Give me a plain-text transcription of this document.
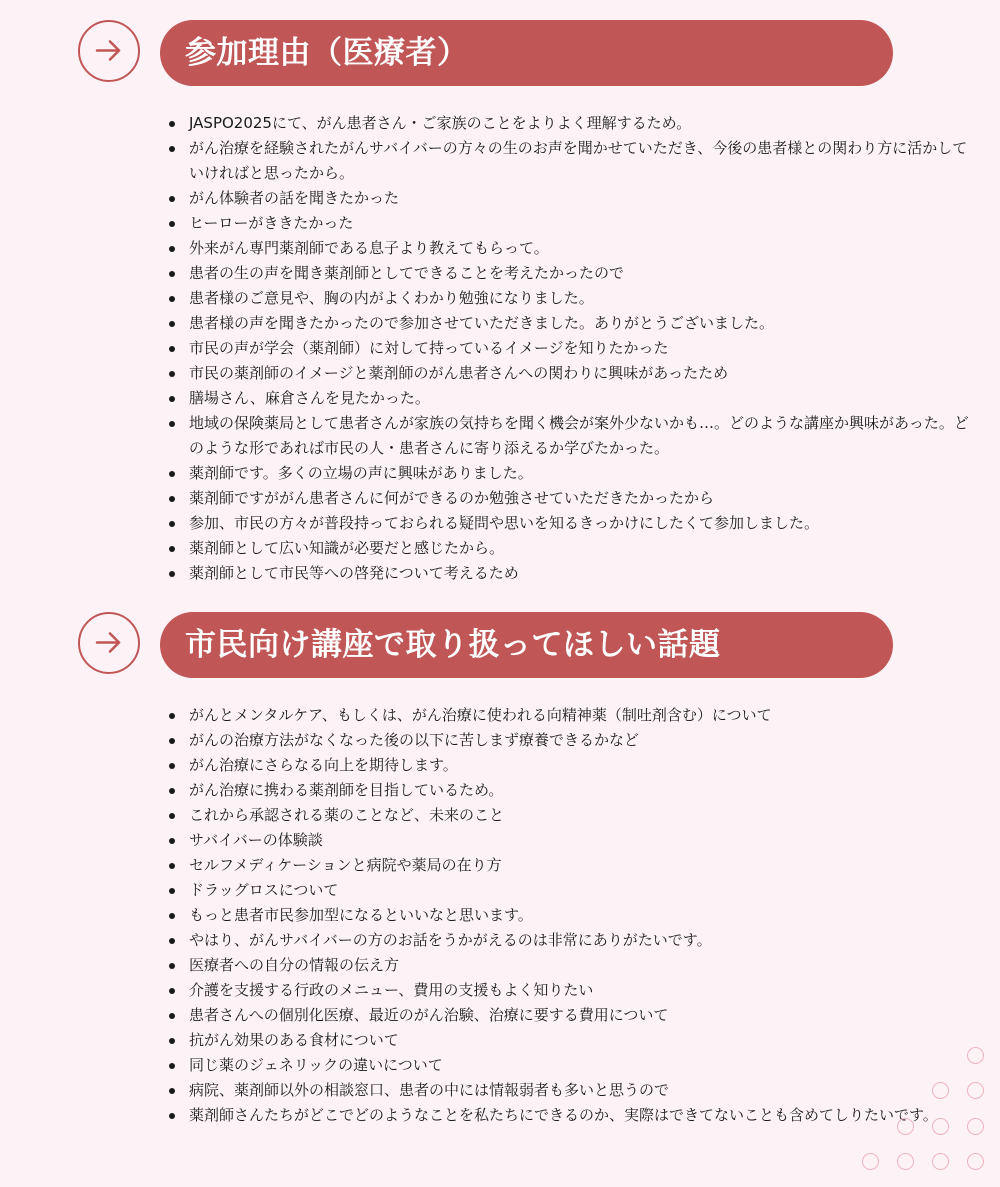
参加理由（医療者）
JASPO2025にて、がん患者さん・ご家族のことをよりよく理解するため。
がん治療を経験されたがんサバイバーの方々の生のお声を聞かせていただき、今後の患者様との関わり方に活かしていければと思ったから。
がん体験者の話を聞きたかった
ヒーローがききたかった
外来がん専門薬剤師である息子より教えてもらって。
患者の生の声を聞き薬剤師としてできることを考えたかったので
患者様のご意見や、胸の内がよくわかり勉強になりました。
患者様の声を聞きたかったので参加させていただきました。ありがとうございました。
市民の声が学会（薬剤師）に対して持っているイメージを知りたかった
市民の薬剤師のイメージと薬剤師のがん患者さんへの関わりに興味があったため
膳場さん、麻倉さんを見たかった。
地域の保険薬局として患者さんが家族の気持ちを聞く機会が案外少ないかも…。どのような講座か興味があった。どのような形であれば市民の人・患者さんに寄り添えるか学びたかった。
薬剤師です。多くの立場の声に興味がありました。
薬剤師ですががん患者さんに何ができるのか勉強させていただきたかったから
参加、市民の方々が普段持っておられる疑問や思いを知るきっかけにしたくて参加しました。
薬剤師として広い知識が必要だと感じたから。
薬剤師として市民等への啓発について考えるため
市民向け講座で取り扱ってほしい話題
がんとメンタルケア、もしくは、がん治療に使われる向精神薬（制吐剤含む）について
がんの治療方法がなくなった後の以下に苦しまず療養できるかなど
がん治療にさらなる向上を期待します。
がん治療に携わる薬剤師を目指しているため。
これから承認される薬のことなど、未来のこと
サバイバーの体験談
セルフメディケーションと病院や薬局の在り方
ドラッグロスについて
もっと患者市民参加型になるといいなと思います。
やはり、がんサバイバーの方のお話をうかがえるのは非常にありがたいです。
医療者への自分の情報の伝え方
介護を支援する行政のメニュー、費用の支援もよく知りたい
患者さんへの個別化医療、最近のがん治験、治療に要する費用について
抗がん効果のある食材について
同じ薬のジェネリックの違いについて
病院、薬剤師以外の相談窓口、患者の中には情報弱者も多いと思うので
薬剤師さんたちがどこでどのようなことを私たちにできるのか、実際はできてないことも含めてしりたいです。
